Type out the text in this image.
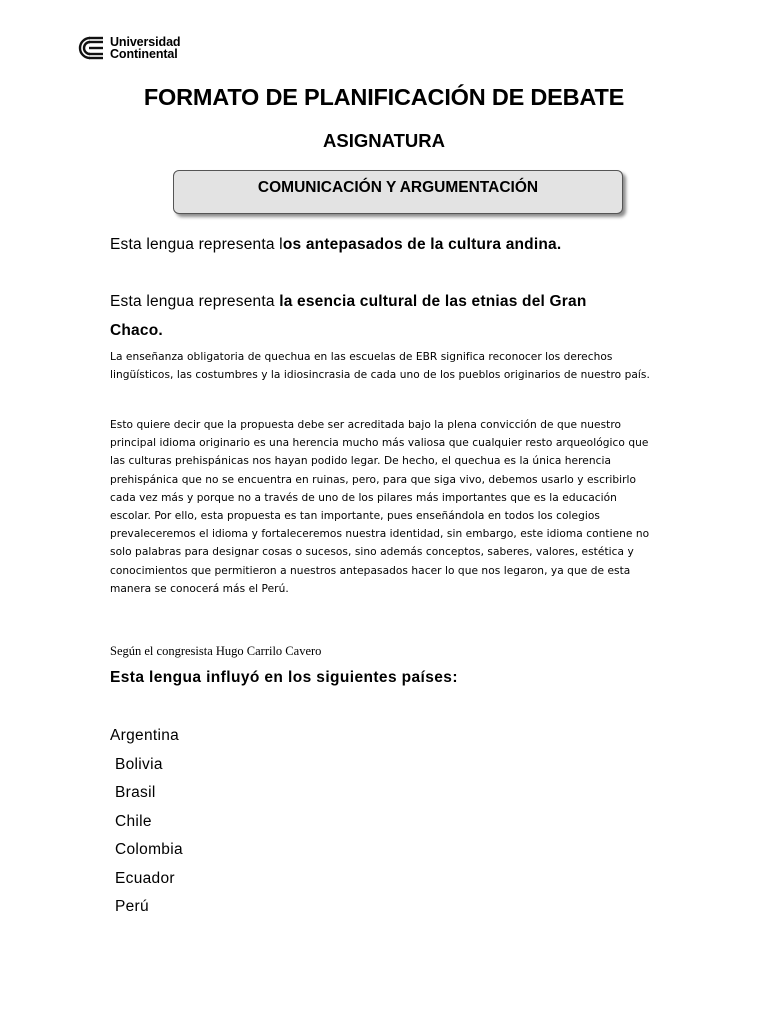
Universidad
Continental
FORMATO DE PLANIFICACIÓN DE DEBATE
ASIGNATURA
COMUNICACIÓN Y ARGUMENTACIÓN

Esta lengua representa los antepasados de la cultura andina.

Esta lengua representa la esencia cultural de las etnias del Gran

Chaco.

La enseñanza obligatoria de quechua en las escuelas de EBR significa reconocer los derechos lingüísticos, las costumbres y la idiosincrasia de cada uno de los pueblos originarios de nuestro país.

Esto quiere decir que la propuesta debe ser acreditada bajo la plena convicción de que nuestro principal idioma originario es una herencia mucho más valiosa que cualquier resto arqueológico que las culturas prehispánicas nos hayan podido legar. De hecho, el quechua es la única herencia prehispánica que no se encuentra en ruinas, pero, para que siga vivo, debemos usarlo y escribirlo cada vez más y porque no a través de uno de los pilares más importantes que es la educación escolar. Por ello, esta propuesta es tan importante, pues enseñándola en todos los colegios prevaleceremos el idioma y fortaleceremos nuestra identidad, sin embargo, este idioma contiene no solo palabras para designar cosas o sucesos, sino además conceptos, saberes, valores, estética y conocimientos que permitieron a nuestros antepasados hacer lo que nos legaron, ya que de esta manera se conocerá más el Perú.

Según el congresista Hugo Carrilo Cavero

Esta lengua influyó en los siguientes países:

Argentina
Bolivia
Brasil
Chile
Colombia
Ecuador
Perú
